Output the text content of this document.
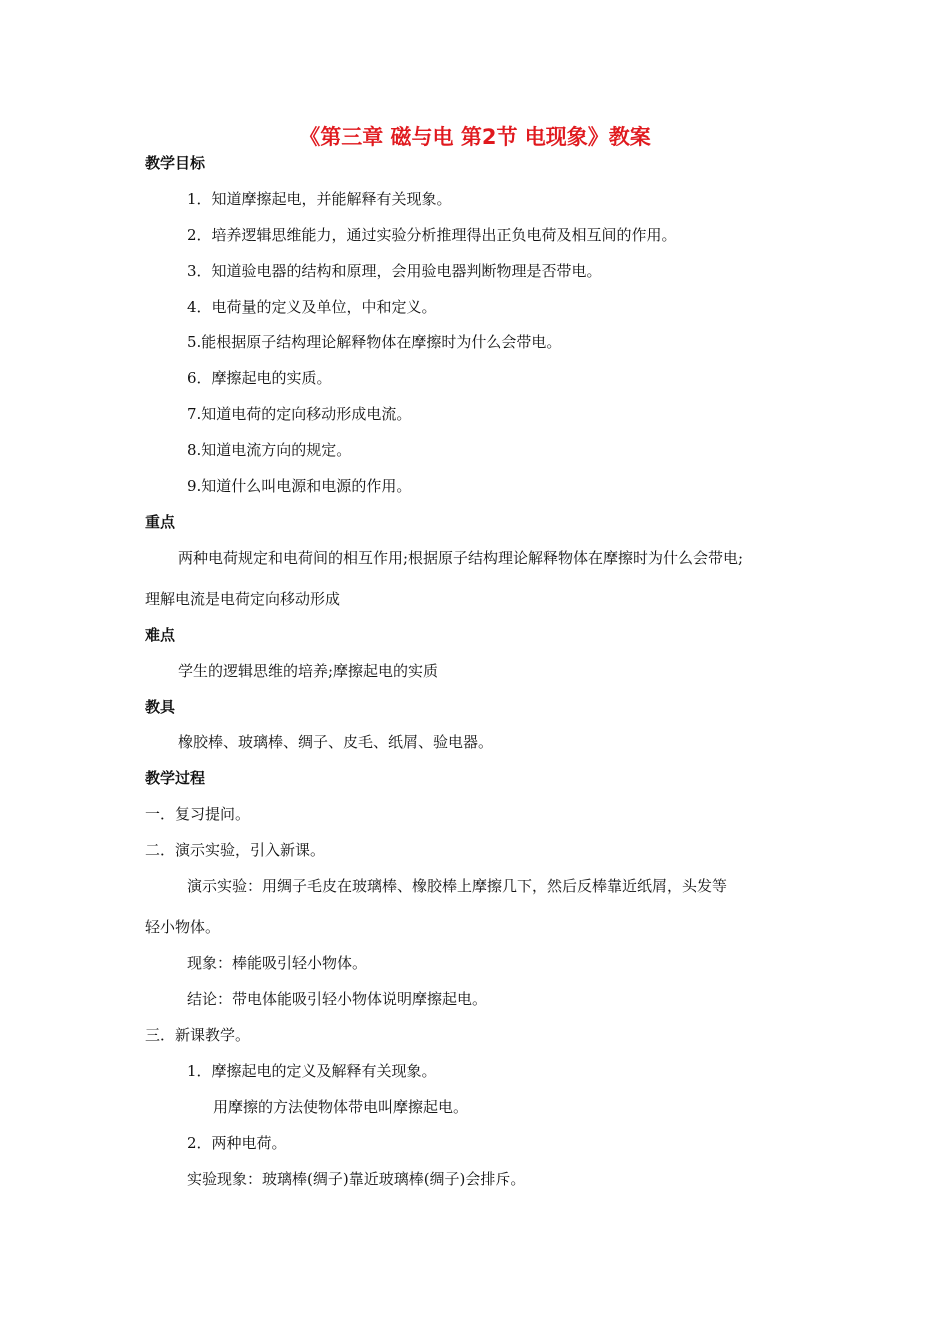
《第三章 磁与电 第2节 电现象》教案
教学目标

1．知道摩擦起电，并能解释有关现象。

2．培养逻辑思维能力，通过实验分析推理得出正负电荷及相互间的作用。

3．知道验电器的结构和原理，会用验电器判断物理是否带电。

4．电荷量的定义及单位，中和定义。

5.能根据原子结构理论解释物体在摩擦时为什么会带电。

6．摩擦起电的实质。

7.知道电荷的定向移动形成电流。

8.知道电流方向的规定。

9.知道什么叫电源和电源的作用。

重点

两种电荷规定和电荷间的相互作用;根据原子结构理论解释物体在摩擦时为什么会带电;

理解电流是电荷定向移动形成

难点

学生的逻辑思维的培养;摩擦起电的实质

教具

橡胶棒、玻璃棒、绸子、皮毛、纸屑、验电器。

教学过程

一．复习提问。

二．演示实验，引入新课。

演示实验：用绸子毛皮在玻璃棒、橡胶棒上摩擦几下，然后反棒靠近纸屑，头发等

轻小物体。

现象：棒能吸引轻小物体。

结论：带电体能吸引轻小物体说明摩擦起电。

三．新课教学。

1．摩擦起电的定义及解释有关现象。

用摩擦的方法使物体带电叫摩擦起电。

2．两种电荷。

实验现象：玻璃棒(绸子)靠近玻璃棒(绸子)会排斥。
